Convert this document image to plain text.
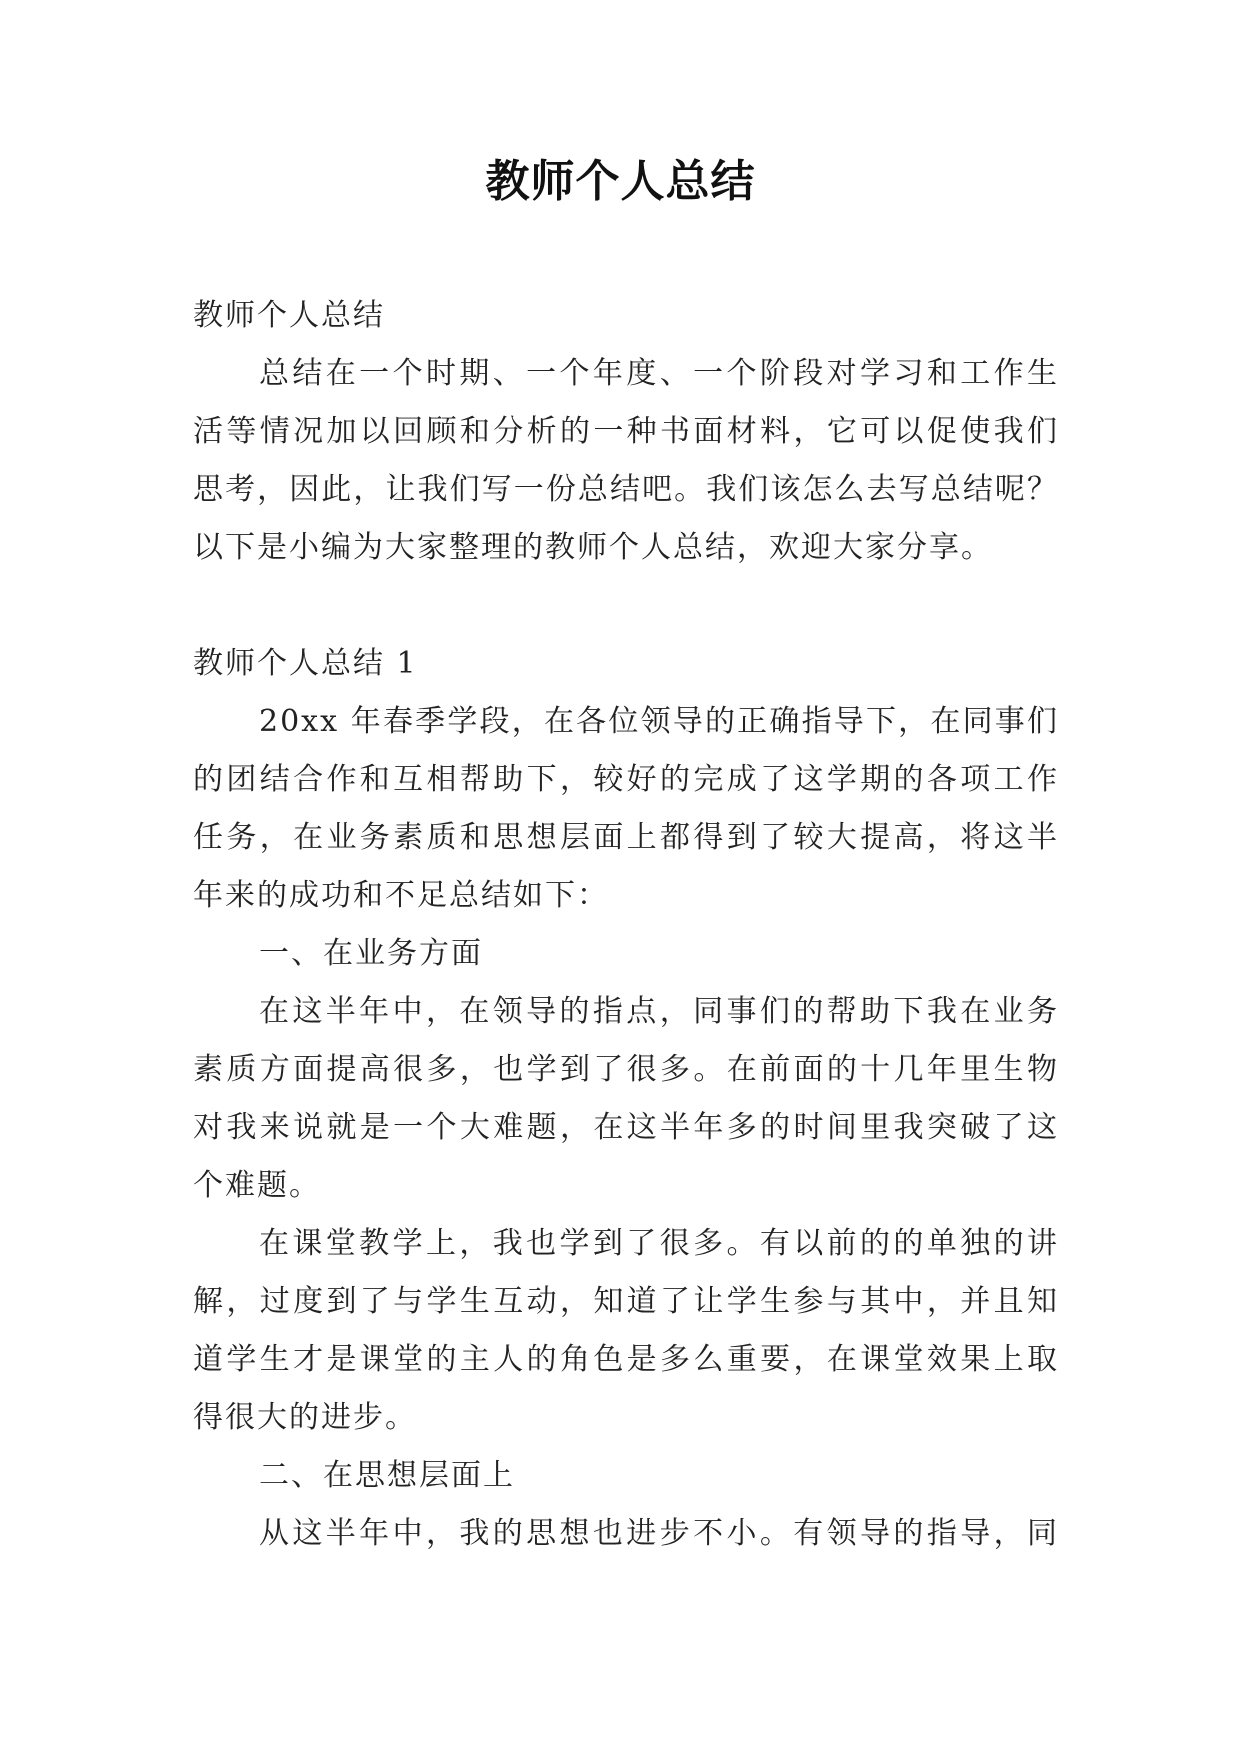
教师个人总结
教师个人总结
总结在一个时期、一个年度、一个阶段对学习和工作生
活等情况加以回顾和分析的一种书面材料，它可以促使我们
思考，因此，让我们写一份总结吧。我们该怎么去写总结呢？
以下是小编为大家整理的教师个人总结，欢迎大家分享。
教师个人总结 1
20xx 年春季学段，在各位领导的正确指导下，在同事们
的团结合作和互相帮助下，较好的完成了这学期的各项工作
任务，在业务素质和思想层面上都得到了较大提高，将这半
年来的成功和不足总结如下：
一、在业务方面
在这半年中，在领导的指点，同事们的帮助下我在业务
素质方面提高很多，也学到了很多。在前面的十几年里生物
对我来说就是一个大难题，在这半年多的时间里我突破了这
个难题。
在课堂教学上，我也学到了很多。有以前的的单独的讲
解，过度到了与学生互动，知道了让学生参与其中，并且知
道学生才是课堂的主人的角色是多么重要，在课堂效果上取
得很大的进步。
二、在思想层面上
从这半年中，我的思想也进步不小。有领导的指导，同
